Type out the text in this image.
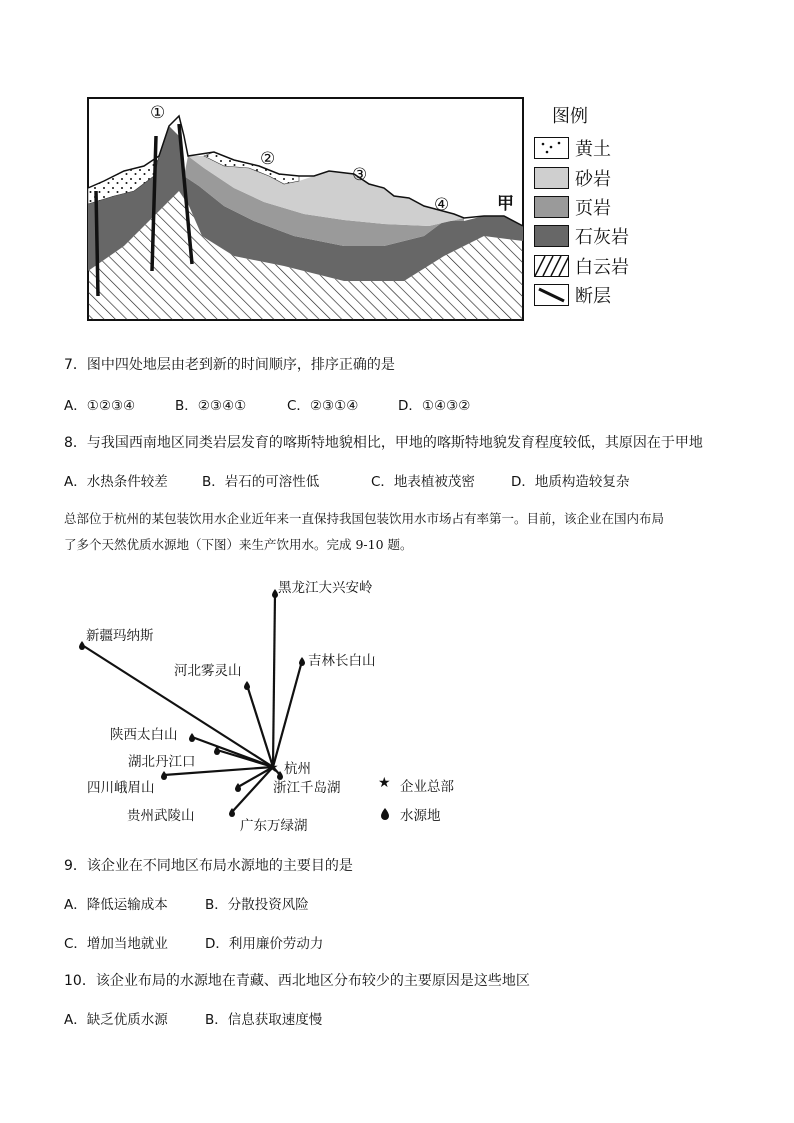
①
②
③
④	甲
图例
黄土
砂岩
页岩
石灰岩
白云岩
断层
7．图中四处地层由老到新的时间顺序，排序正确的是
A．①②③④	B．②③④①	C．②③①④	D．①④③②
8．与我国西南地区同类岩层发育的喀斯特地貌相比，甲地的喀斯特地貌发育程度较低，其原因在于甲地
A．水热条件较差	B．岩石的可溶性低	C．地表植被茂密	D．地质构造较复杂
总部位于杭州的某包装饮用水企业近年来一直保持我国包装饮用水市场占有率第一。目前，该企业在国内布局
了多个天然优质水源地（下图）来生产饮用水。完成 9-10 题。
★
黑龙江大兴安岭
新疆玛纳斯
吉林长白山
河北雾灵山
陕西太白山
湖北丹江口
四川峨眉山
贵州武陵山
广东万绿湖
杭州
浙江千岛湖	★ 企业总部
水源地
9．该企业在不同地区布局水源地的主要目的是
A．降低运输成本	B．分散投资风险
C．增加当地就业	D．利用廉价劳动力
10．该企业布局的水源地在青藏、西北地区分布较少的主要原因是这些地区
A．缺乏优质水源	B．信息获取速度慢
